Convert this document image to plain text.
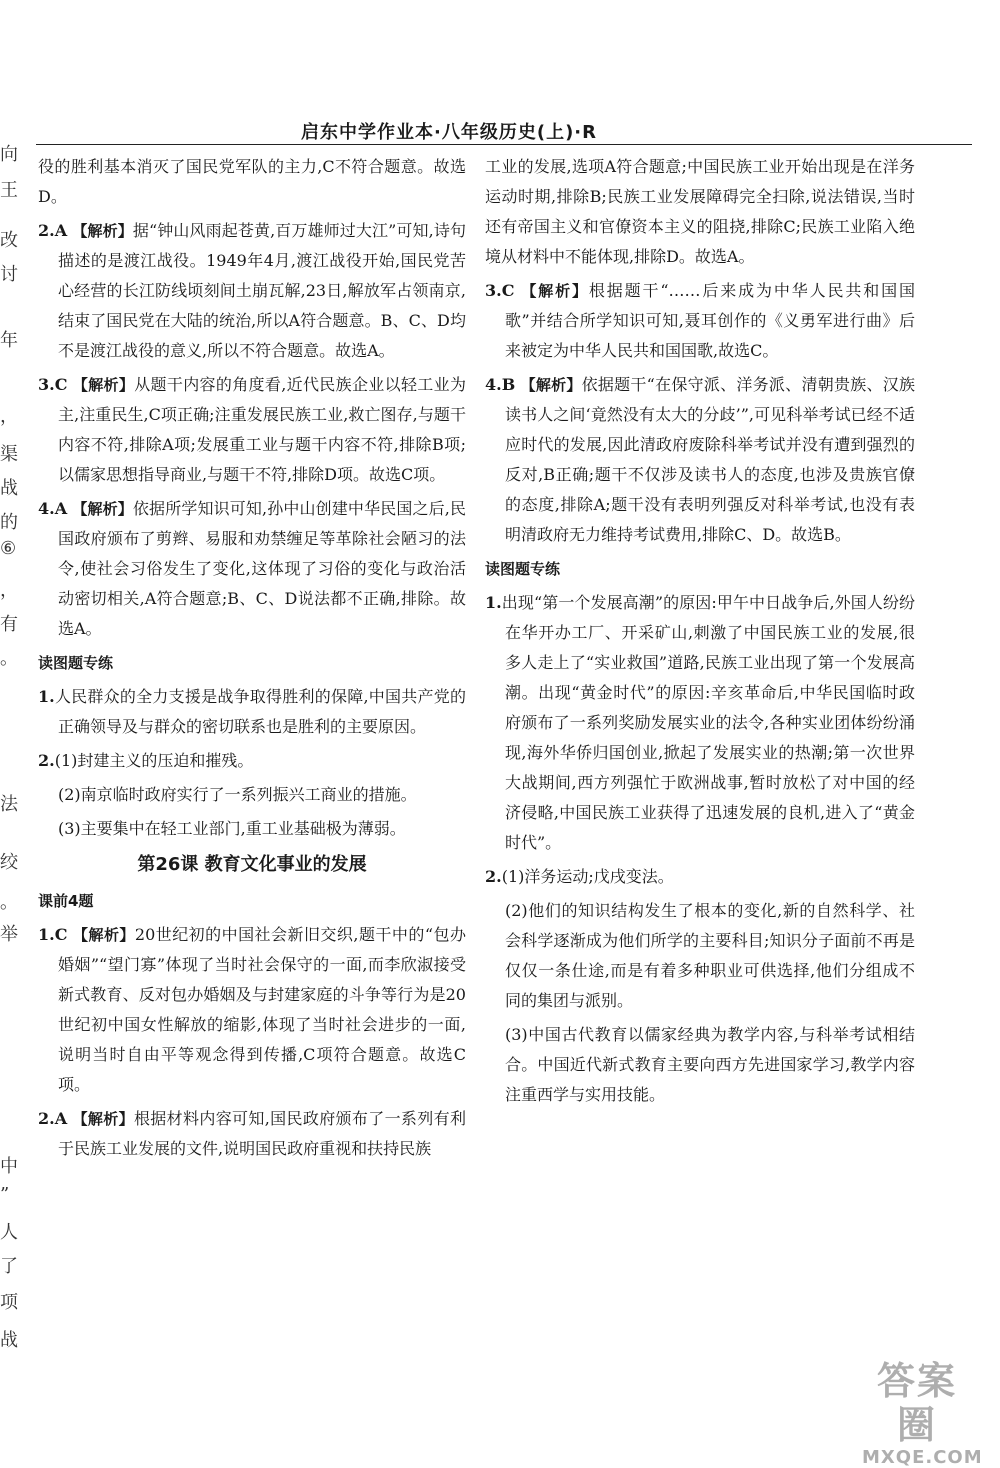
向
王
改
讨
年
，
渠
战
的
⑥
，
有
。
法
绞
。
举
中
”
人
了
项
战
启东中学作业本·八年级历史(上)·R

役的胜利基本消灭了国民党军队的主力,C不符合题意。故选D。

2.A 【解析】据“钟山风雨起苍黄,百万雄师过大江”可知,诗句描述的是渡江战役。1949年4月,渡江战役开始,国民党苦心经营的长江防线顷刻间土崩瓦解,23日,解放军占领南京,结束了国民党在大陆的统治,所以A符合题意。B、C、D均不是渡江战役的意义,所以不符合题意。故选A。

3.C 【解析】从题干内容的角度看,近代民族企业以轻工业为主,注重民生,C项正确;注重发展民族工业,救亡图存,与题干内容不符,排除A项;发展重工业与题干内容不符,排除B项;以儒家思想指导商业,与题干不符,排除D项。故选C项。

4.A 【解析】依据所学知识可知,孙中山创建中华民国之后,民国政府颁布了剪辫、易服和劝禁缠足等革除社会陋习的法令,使社会习俗发生了变化,这体现了习俗的变化与政治活动密切相关,A符合题意;B、C、D说法都不正确,排除。故选A。

读图题专练

1.人民群众的全力支援是战争取得胜利的保障,中国共产党的正确领导及与群众的密切联系也是胜利的主要原因。

2.(1)封建主义的压迫和摧残。

(2)南京临时政府实行了一系列振兴工商业的措施。

(3)主要集中在轻工业部门,重工业基础极为薄弱。

第26课 教育文化事业的发展
课前4题

1.C 【解析】20世纪初的中国社会新旧交织,题干中的“包办婚姻”“望门寡”体现了当时社会保守的一面,而李欣淑接受新式教育、反对包办婚姻及与封建家庭的斗争等行为是20世纪初中国女性解放的缩影,体现了当时社会进步的一面,说明当时自由平等观念得到传播,C项符合题意。故选C项。

2.A 【解析】根据材料内容可知,国民政府颁布了一系列有利于民族工业发展的文件,说明国民政府重视和扶持民族

工业的发展,选项A符合题意;中国民族工业开始出现是在洋务运动时期,排除B;民族工业发展障碍完全扫除,说法错误,当时还有帝国主义和官僚资本主义的阻挠,排除C;民族工业陷入绝境从材料中不能体现,排除D。故选A。

3.C 【解析】根据题干“……后来成为中华人民共和国国歌”并结合所学知识可知,聂耳创作的《义勇军进行曲》后来被定为中华人民共和国国歌,故选C。

4.B 【解析】依据题干“在保守派、洋务派、清朝贵族、汉族读书人之间‘竟然没有太大的分歧’”,可见科举考试已经不适应时代的发展,因此清政府废除科举考试并没有遭到强烈的反对,B正确;题干不仅涉及读书人的态度,也涉及贵族官僚的态度,排除A;题干没有表明列强反对科举考试,也没有表明清政府无力维持考试费用,排除C、D。故选B。

读图题专练

1.出现“第一个发展高潮”的原因:甲午中日战争后,外国人纷纷在华开办工厂、开采矿山,刺激了中国民族工业的发展,很多人走上了“实业救国”道路,民族工业出现了第一个发展高潮。出现“黄金时代”的原因:辛亥革命后,中华民国临时政府颁布了一系列奖励发展实业的法令,各种实业团体纷纷涌现,海外华侨归国创业,掀起了发展实业的热潮;第一次世界大战期间,西方列强忙于欧洲战事,暂时放松了对中国的经济侵略,中国民族工业获得了迅速发展的良机,进入了“黄金时代”。

2.(1)洋务运动;戊戌变法。

(2)他们的知识结构发生了根本的变化,新的自然科学、社会科学逐渐成为他们所学的主要科目;知识分子面前不再是仅仅一条仕途,而是有着多种职业可供选择,他们分组成不同的集团与派别。

(3)中国古代教育以儒家经典为教学内容,与科举考试相结合。中国近代新式教育主要向西方先进国家学习,教学内容注重西学与实用技能。

答案圈
MXQE.COM
